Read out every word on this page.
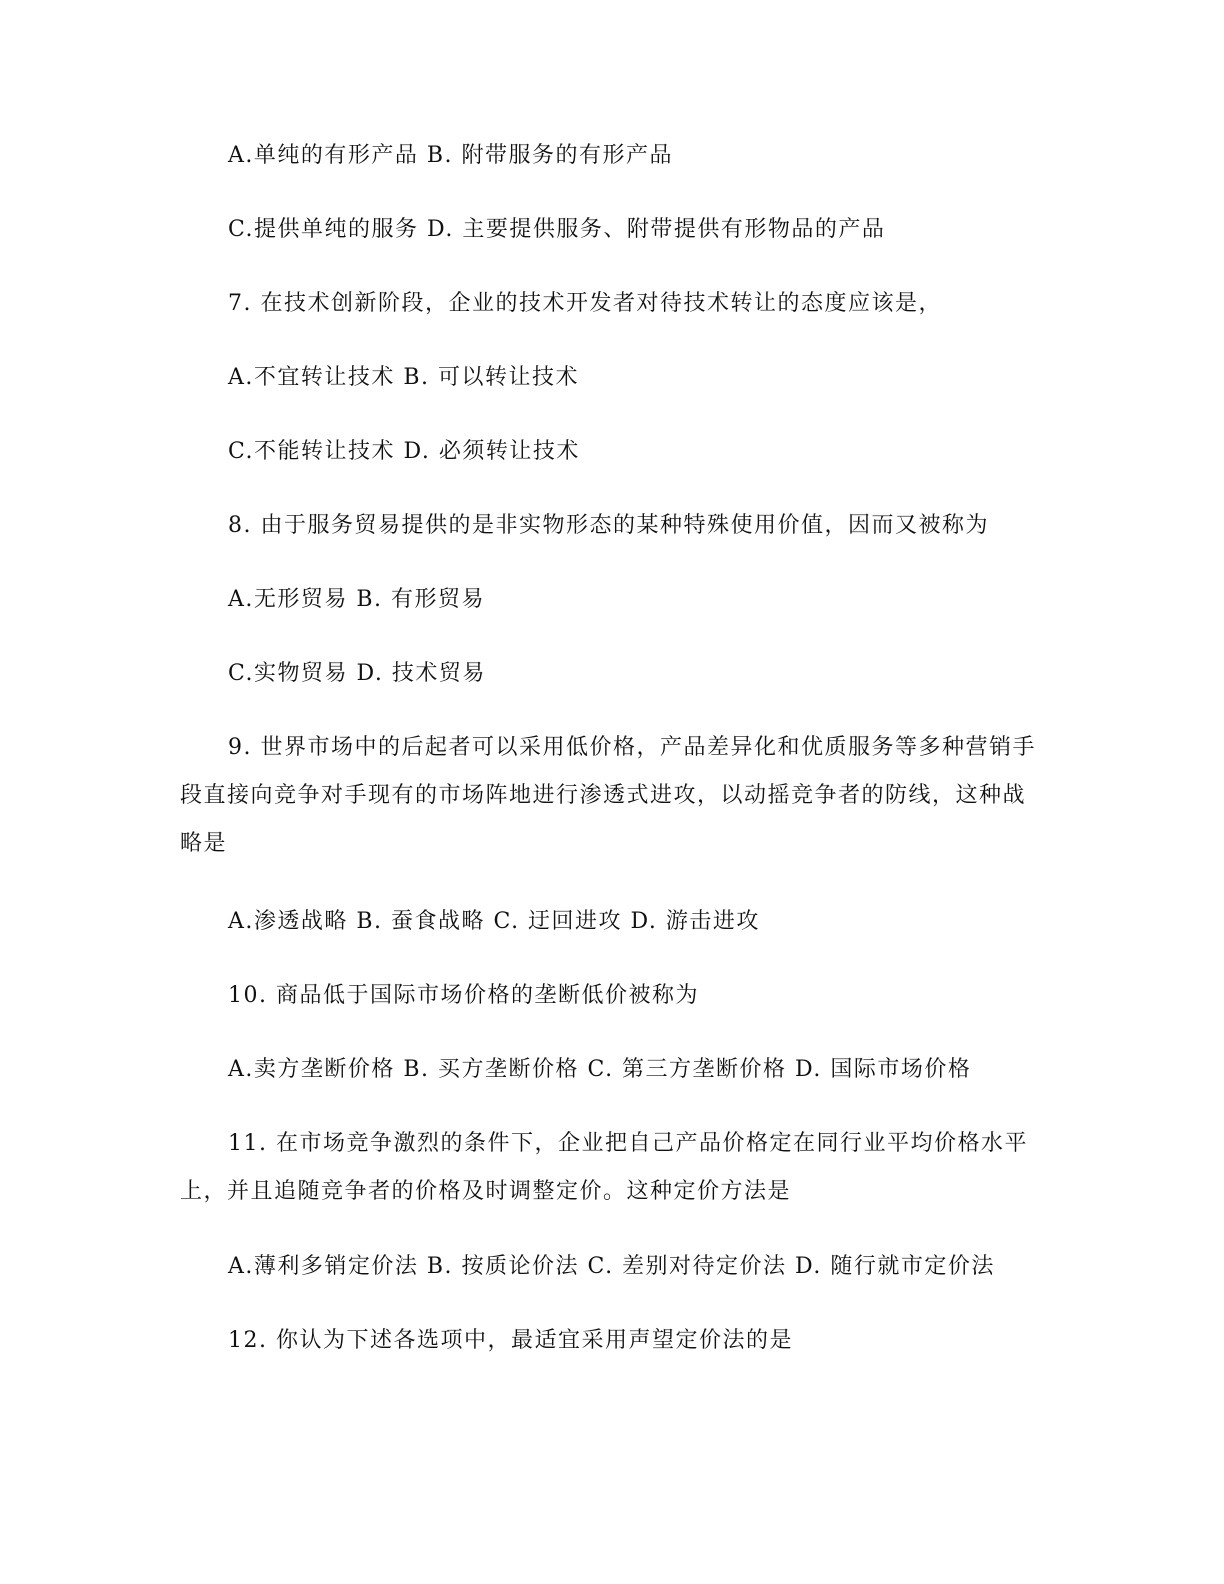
A.单纯的有形产品 B. 附带服务的有形产品
C.提供单纯的服务 D. 主要提供服务、附带提供有形物品的产品
7. 在技术创新阶段，企业的技术开发者对待技术转让的态度应该是，
A.不宜转让技术 B. 可以转让技术
C.不能转让技术 D. 必须转让技术
8. 由于服务贸易提供的是非实物形态的某种特殊使用价值，因而又被称为
A.无形贸易 B. 有形贸易
C.实物贸易 D. 技术贸易
9. 世界市场中的后起者可以采用低价格，产品差异化和优质服务等多种营销手段直接向竞争对手现有的市场阵地进行渗透式进攻，以动摇竞争者的防线，这种战略是
A.渗透战略 B. 蚕食战略 C. 迂回进攻 D. 游击进攻
10. 商品低于国际市场价格的垄断低价被称为
A.卖方垄断价格 B. 买方垄断价格 C. 第三方垄断价格 D. 国际市场价格
11. 在市场竞争激烈的条件下，企业把自己产品价格定在同行业平均价格水平上，并且追随竞争者的价格及时调整定价。这种定价方法是
A.薄利多销定价法 B. 按质论价法 C. 差别对待定价法 D. 随行就市定价法
12. 你认为下述各选项中，最适宜采用声望定价法的是
